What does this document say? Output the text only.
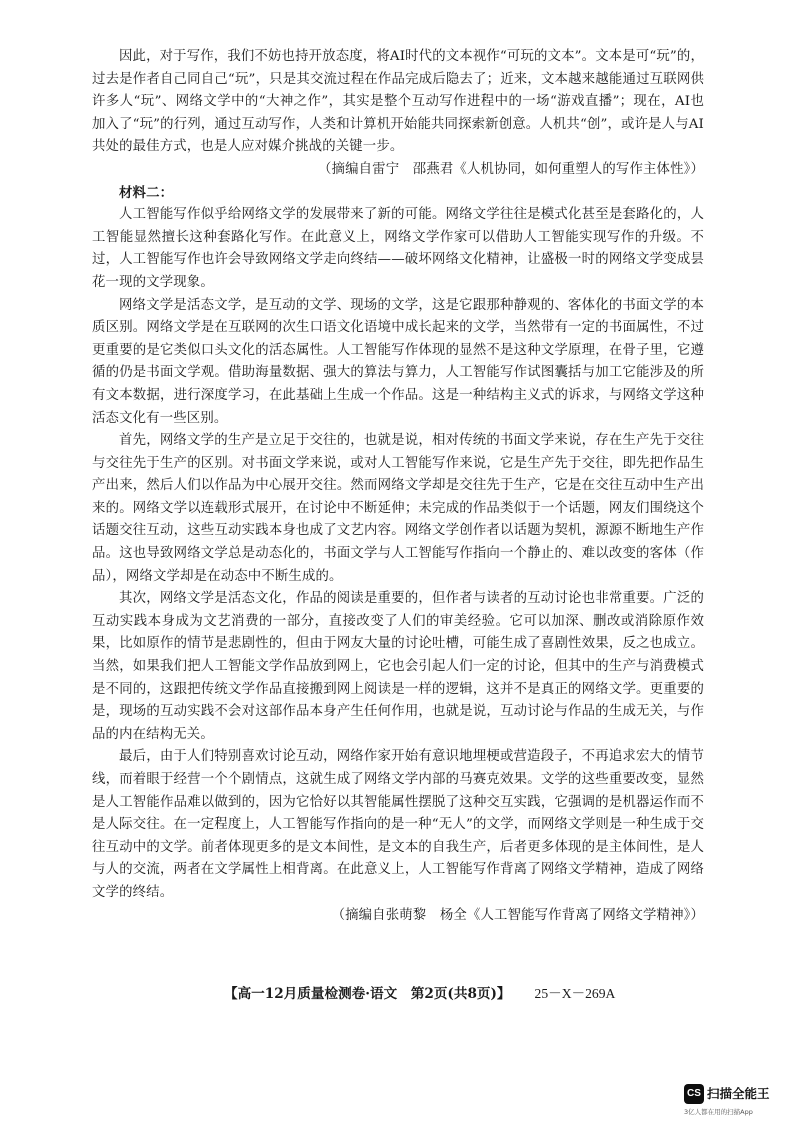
因此，对于写作，我们不妨也持开放态度，将AI时代的文本视作“可玩的文本”。文本是可“玩”的，过去是作者自己同自己“玩”，只是其交流过程在作品完成后隐去了；近来，文本越来越能通过互联网供许多人“玩”、网络文学中的“大神之作”，其实是整个互动写作进程中的一场“游戏直播”；现在，AI也加入了“玩”的行列，通过互动写作，人类和计算机开始能共同探索新创意。人机共“创”，或许是人与AI共处的最佳方式，也是人应对媒介挑战的关键一步。

（摘编自雷宁　邵燕君《人机协同，如何重塑人的写作主体性》）

材料二：

人工智能写作似乎给网络文学的发展带来了新的可能。网络文学往往是模式化甚至是套路化的，人工智能显然擅长这种套路化写作。在此意义上，网络文学作家可以借助人工智能实现写作的升级。不过，人工智能写作也许会导致网络文学走向终结——破坏网络文化精神，让盛极一时的网络文学变成昙花一现的文学现象。

网络文学是活态文学，是互动的文学、现场的文学，这是它跟那种静观的、客体化的书面文学的本质区别。网络文学是在互联网的次生口语文化语境中成长起来的文学，当然带有一定的书面属性，不过更重要的是它类似口头文化的活态属性。人工智能写作体现的显然不是这种文学原理，在骨子里，它遵循的仍是书面文学观。借助海量数据、强大的算法与算力，人工智能写作试图囊括与加工它能涉及的所有文本数据，进行深度学习，在此基础上生成一个作品。这是一种结构主义式的诉求，与网络文学这种活态文化有一些区别。

首先，网络文学的生产是立足于交往的，也就是说，相对传统的书面文学来说，存在生产先于交往与交往先于生产的区别。对书面文学来说，或对人工智能写作来说，它是生产先于交往，即先把作品生产出来，然后人们以作品为中心展开交往。然而网络文学却是交往先于生产，它是在交往互动中生产出来的。网络文学以连载形式展开，在讨论中不断延伸；未完成的作品类似于一个话题，网友们围绕这个话题交往互动，这些互动实践本身也成了文艺内容。网络文学创作者以话题为契机，源源不断地生产作品。这也导致网络文学总是动态化的，书面文学与人工智能写作指向一个静止的、难以改变的客体（作品），网络文学却是在动态中不断生成的。

其次，网络文学是活态文化，作品的阅读是重要的，但作者与读者的互动讨论也非常重要。广泛的互动实践本身成为文艺消费的一部分，直接改变了人们的审美经验。它可以加深、删改或消除原作效果，比如原作的情节是悲剧性的，但由于网友大量的讨论吐槽，可能生成了喜剧性效果，反之也成立。当然，如果我们把人工智能文学作品放到网上，它也会引起人们一定的讨论，但其中的生产与消费模式是不同的，这跟把传统文学作品直接搬到网上阅读是一样的逻辑，这并不是真正的网络文学。更重要的是，现场的互动实践不会对这部作品本身产生任何作用，也就是说，互动讨论与作品的生成无关，与作品的内在结构无关。

最后，由于人们特别喜欢讨论互动，网络作家开始有意识地埋梗或营造段子，不再追求宏大的情节线，而着眼于经营一个个剧情点，这就生成了网络文学内部的马赛克效果。文学的这些重要改变，显然是人工智能作品难以做到的，因为它恰好以其智能属性摆脱了这种交互实践，它强调的是机器运作而不是人际交往。在一定程度上，人工智能写作指向的是一种“无人”的文学，而网络文学则是一种生成于交往互动中的文学。前者体现更多的是文本间性，是文本的自我生产，后者更多体现的是主体间性，是人与人的交流，两者在文学属性上相背离。在此意义上，人工智能写作背离了网络文学精神，造成了网络文学的终结。

（摘编自张萌黎　杨全《人工智能写作背离了网络文学精神》）

【高一12月质量检测卷·语文　第2页(共8页)】 25－X－269A
CS 扫描全能王
3亿人都在用的扫描App
